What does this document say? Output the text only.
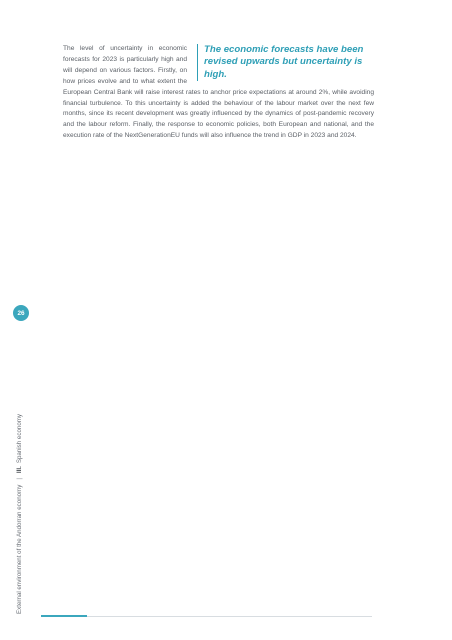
The economic forecasts have been revised upwards but uncertainty is high.

The level of uncertainty in economic forecasts for 2023 is particularly high and will depend on various factors. Firstly, on how prices evolve and to what extent the European Central Bank will raise interest rates to anchor price expectations at around 2%, while avoiding financial turbulence. To this uncertainty is added the behaviour of the labour market over the next few months, since its recent development was greatly influenced by the dynamics of post-pandemic recovery and the labour reform. Finally, the response to economic policies, both European and national, and the execution rate of the NextGenerationEU funds will also influence the trend in GDP in 2023 and 2024.

26
External environment of the Andorran economy
|
III.
Spanish economy
